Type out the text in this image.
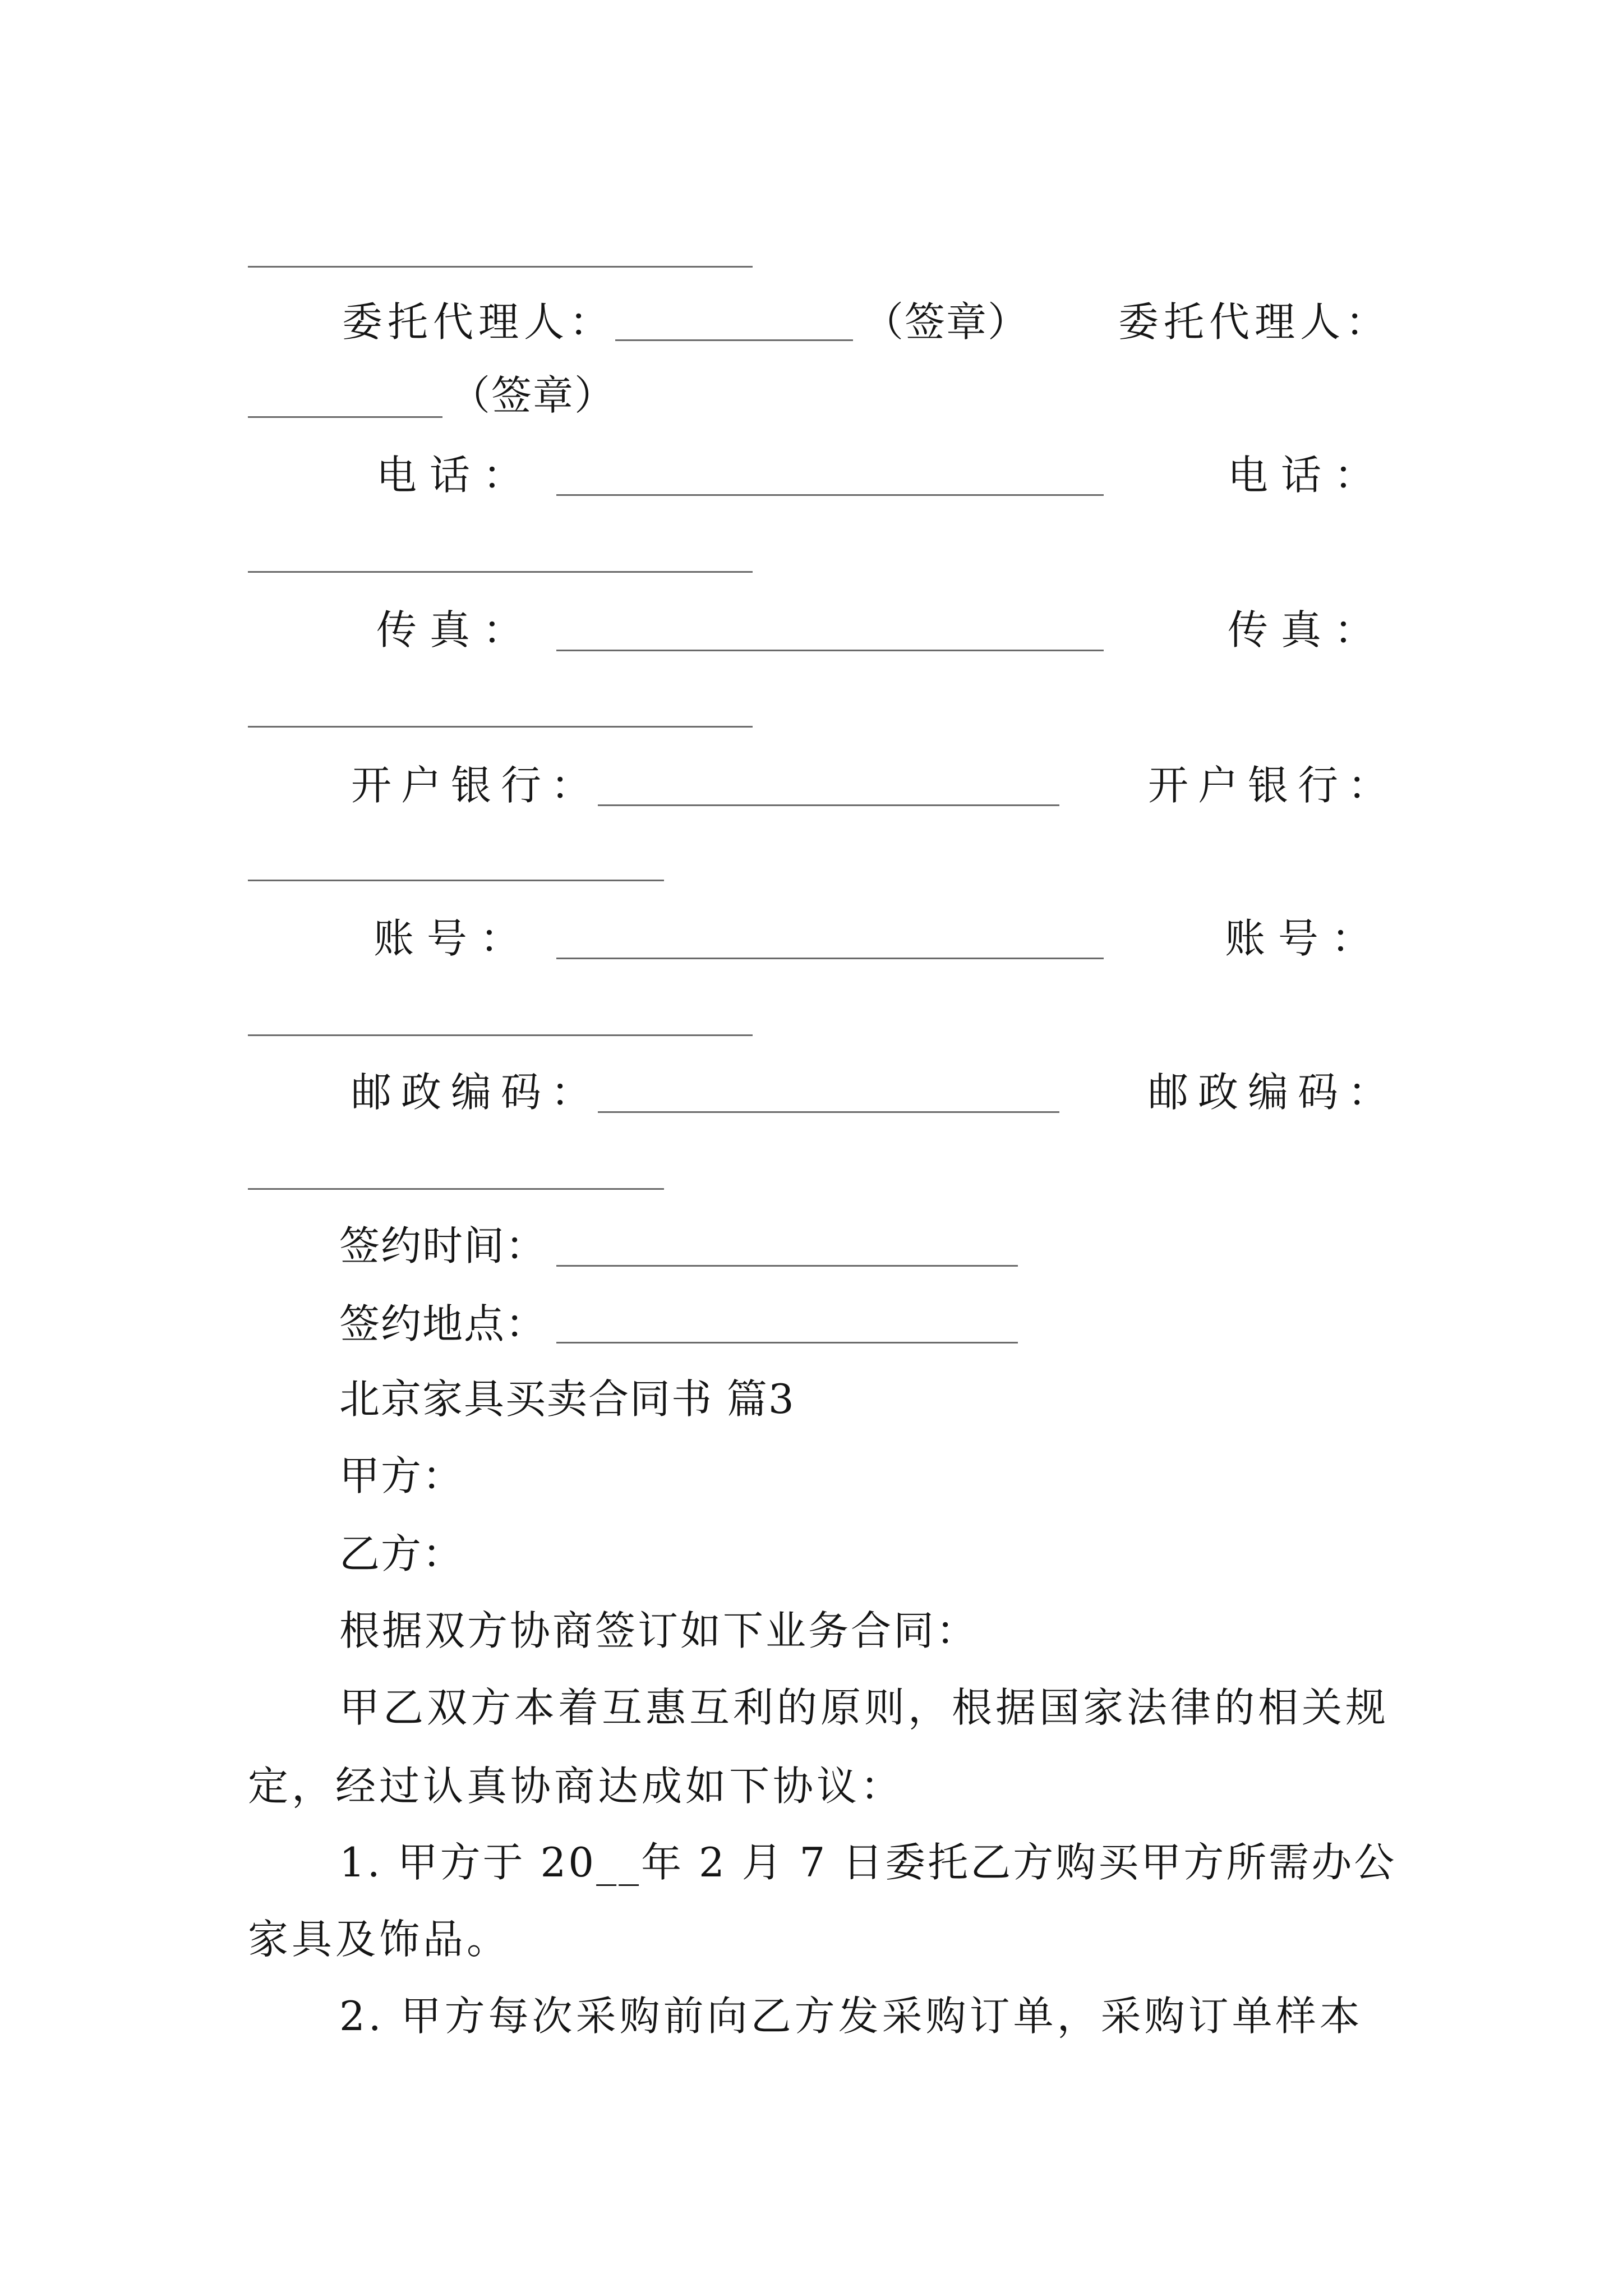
委托代理人：	（签章） 委托代理人：
（签章）
电 话 ：	电 话 ：
传 真 ：	传 真 ：
开户银行：	开户银行：
账 号 ：	账 号 ：
邮政编码：	邮政编码：
签约时间：
签约地点：
北京家具买卖合同书 篇3
甲方：
乙方：
根据双方协商签订如下业务合同：
甲乙双方本着互惠互利的原则，根据国家法律的相关规
定，经过认真协商达成如下协议：
1. 甲方于 20__年 2 月 7 日委托乙方购买甲方所需办公
家具及饰品。
2. 甲方每次采购前向乙方发采购订单，采购订单样本
